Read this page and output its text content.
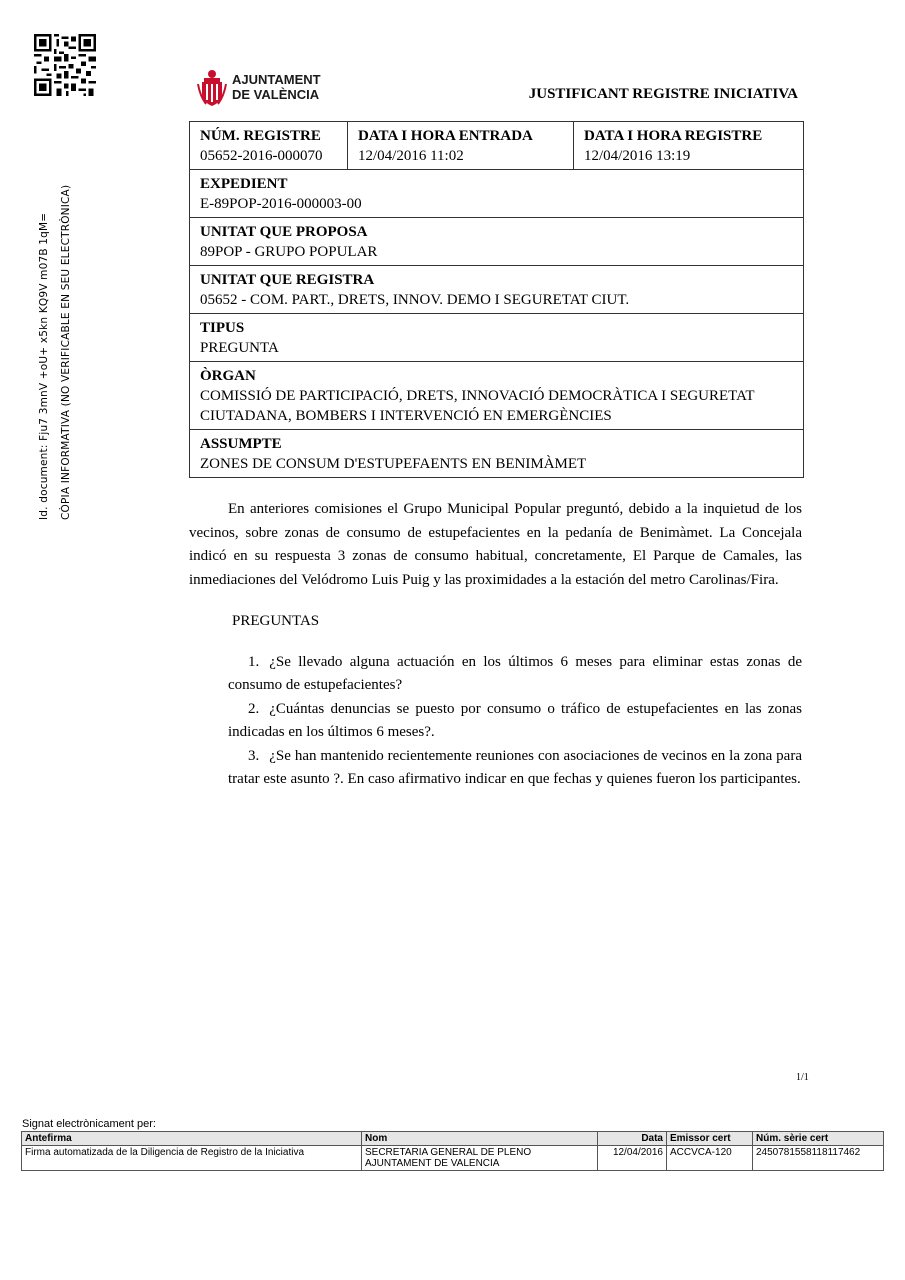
AJUNTAMENT
DE VALÈNCIA	JUSTIFICANT REGISTRE INICIATIVA
Id. document: Fju7 3mnV +oU+ x5kn KQ9V m07B 1qM= CÒPIA INFORMATIVA (NO VERIFICABLE EN SEU ELECTRÒNICA)
NÚM. REGISTRE
05652-2016-000070

DATA I HORA ENTRADA
12/04/2016 11:02

DATA I HORA REGISTRE
12/04/2016 13:19

EXPEDIENT
E-89POP-2016-000003-00

UNITAT QUE PROPOSA
89POP - GRUPO POPULAR

UNITAT QUE REGISTRA
05652 - COM. PART., DRETS, INNOV. DEMO I SEGURETAT CIUT.

TIPUS
PREGUNTA

ÒRGAN
COMISSIÓ DE PARTICIPACIÓ, DRETS, INNOVACIÓ DEMOCRÀTICA I SEGURETAT CIUTADANA, BOMBERS I INTERVENCIÓ EN EMERGÈNCIES

ASSUMPTE
ZONES DE CONSUM D'ESTUPEFAENTS EN BENIMÀMET

En anteriores comisiones el Grupo Municipal Popular preguntó, debido a la inquietud de los vecinos, sobre zonas de consumo de estupefacientes en la pedanía de Benimàmet. La Concejala indicó en su respuesta 3 zonas de consumo habitual, concretamente, El Parque de Camales, las inmediaciones del Velódromo Luis Puig y las proximidades a la estación del metro Carolinas/Fira.

PREGUNTAS

1. ¿Se llevado alguna actuación en los últimos 6 meses para eliminar estas zonas de consumo de estupefacientes?

2. ¿Cuántas denuncias se puesto por consumo o tráfico de estupefacientes en las zonas indicadas en los últimos 6 meses?.

3. ¿Se han mantenido recientemente reuniones con asociaciones de vecinos en la zona para tratar este asunto ?. En caso afirmativo indicar en que fechas y quienes fueron los participantes.

1/1
Signat electrònicament per:
Antefirma	Nom	Data	Emissor cert	Núm. sèrie cert
Firma automatizada de la Diligencia de Registro de la Iniciativa	SECRETARIA GENERAL DE PLENO
AJUNTAMENT DE VALENCIA	12/04/2016	ACCVCA-120	2450781558118117462
